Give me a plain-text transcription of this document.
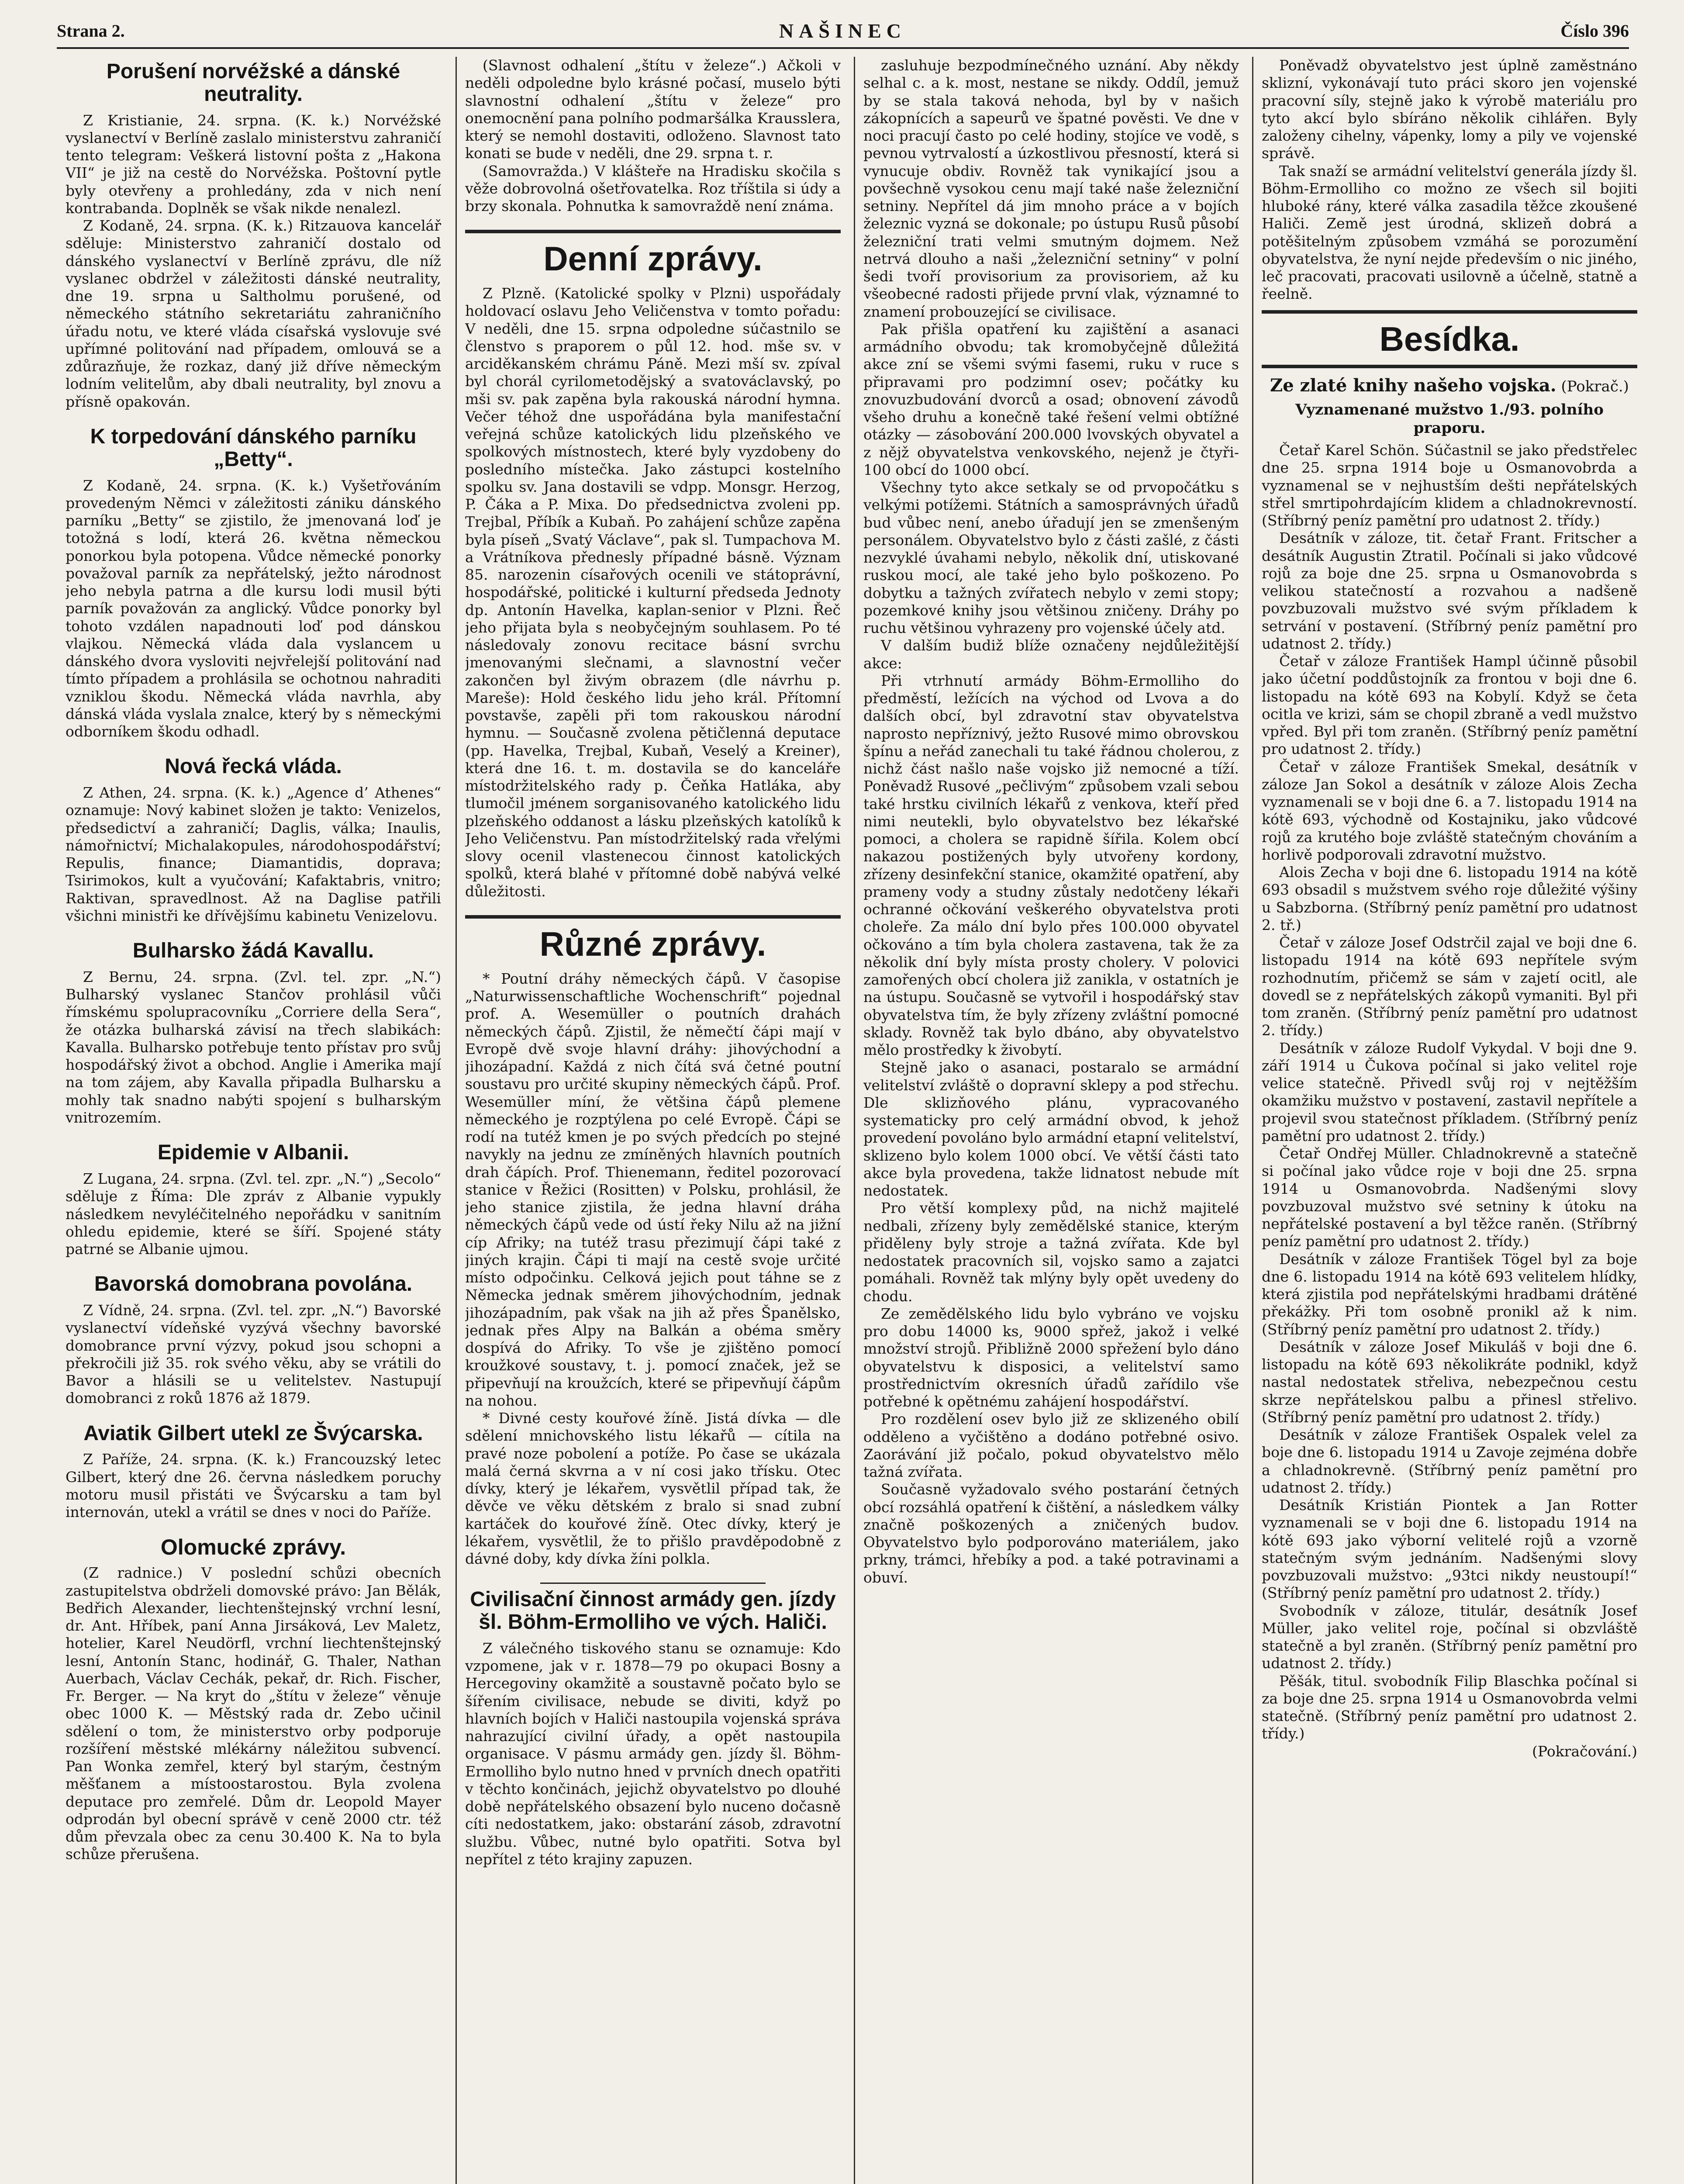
Strana 2.	NAŠINEC	Číslo 396
Porušení norvéžské a dánské neutrality.

Z Kristianie, 24. srpna. (K. k.) Norvéžské vyslanectví v Berlíně zaslalo ministerstvu zahraničí tento telegram: Veškerá listovní pošta z „Hakona VII“ je již na cestě do Norvéžska. Poštovní pytle byly otevřeny a prohledány, zda v nich není kontrabanda. Doplněk se však nikde nenalezl.

Z Kodaně, 24. srpna. (K. k.) Ritzauova kancelář sděluje: Ministerstvo zahraničí dostalo od dánského vyslanectví v Berlíně zprávu, dle níž vyslanec obdržel v záležitosti dánské neutrality, dne 19. srpna u Saltholmu porušené, od německého státního sekretariátu zahraničního úřadu notu, ve které vláda císařská vyslovuje své upřímné politování nad případem, omlouvá se a zdůrazňuje, že rozkaz, daný již dříve německým lodním velitelům, aby dbali neutrality, byl znovu a přísně opakován.

K torpedování dánského parníku „Betty“.

Z Kodaně, 24. srpna. (K. k.) Vyšetřováním provedeným Němci v záležitosti zániku dánského parníku „Betty“ se zjistilo, že jmenovaná loď je totožná s lodí, která 26. května německou ponorkou byla potopena. Vůdce německé ponorky považoval parník za nepřátelský, ježto národnost jeho nebyla patrna a dle kursu lodi musil býti parník považován za anglický. Vůdce ponorky byl tohoto vzdálen napadnouti loď pod dánskou vlajkou. Německá vláda dala vyslancem u dánského dvora vysloviti nejvřelejší politování nad tímto případem a prohlásila se ochotnou nahraditi vzniklou škodu. Německá vláda navrhla, aby dánská vláda vyslala znalce, který by s německými odborníkem škodu odhadl.

Nová řecká vláda.

Z Athen, 24. srpna. (K. k.) „Agence d’ Athenes“ oznamuje: Nový kabinet složen je takto: Venizelos, předsedictví a zahraničí; Daglis, válka; Inaulis, námořnictví; Michalakopules, národohospodářství; Repulis, finance; Diamantidis, doprava; Tsirimokos, kult a vyučování; Kafaktabris, vnitro; Raktivan, spravedlnost. Až na Daglise patřili všichni ministři ke dřívějšímu kabinetu Venizelovu.

Bulharsko žádá Kavallu.

Z Bernu, 24. srpna. (Zvl. tel. zpr. „N.“) Bulharský vyslanec Stančov prohlásil vůči římskému spolupracovníku „Corriere della Sera“, že otázka bulharská závisí na třech slabikách: Kavalla. Bulharsko potřebuje tento přístav pro svůj hospodářský život a obchod. Anglie i Amerika mají na tom zájem, aby Kavalla připadla Bulharsku a mohly tak snadno nabýti spojení s bulharským vnitrozemím.

Epidemie v Albanii.

Z Lugana, 24. srpna. (Zvl. tel. zpr. „N.“) „Secolo“ sděluje z Říma: Dle zpráv z Albanie vypukly následkem nevyléčitelného nepořádku v sanitním ohledu epidemie, které se šíří. Spojené státy patrné se Albanie ujmou.

Bavorská domobrana povolána.

Z Vídně, 24. srpna. (Zvl. tel. zpr. „N.“) Bavorské vyslanectví vídeňské vyzývá všechny bavorské domobrance první výzvy, pokud jsou schopni a překročili již 35. rok svého věku, aby se vrátili do Bavor a hlásili se u velitelstev. Nastupují domobranci z roků 1876 až 1879.

Aviatik Gilbert utekl ze Švýcarska.

Z Paříže, 24. srpna. (K. k.) Francouzský letec Gilbert, který dne 26. června následkem poruchy motoru musil přistáti ve Švýcarsku a tam byl internován, utekl a vrátil se dnes v noci do Paříže.

Olomucké zprávy.

(Z radnice.) V poslední schůzi obecních zastupitelstva obdrželi domovské právo: Jan Bělák, Bedřich Alexander, liechtenštejnský vrchní lesní, dr. Ant. Hříbek, paní Anna Jirsáková, Lev Maletz, hotelier, Karel Neudörfl, vrchní liechtenštejnský lesní, Antonín Stanc, hodinář, G. Thaler, Nathan Auerbach, Václav Cechák, pekař, dr. Rich. Fischer, Fr. Berger. — Na kryt do „štítu v železe“ věnuje obec 1000 K. — Městský rada dr. Zebo učinil sdělení o tom, že ministerstvo orby podporuje rozšíření městské mlékárny náležitou subvencí. Pan Wonka zemřel, který byl starým, čestným měšťanem a místoostarostou. Byla zvolena deputace pro zemřelé. Dům dr. Leopold Mayer odprodán byl obecní správě v ceně 2000 ctr. též dům převzala obec za cenu 30.400 K. Na to byla schůze přerušena.

(Slavnost odhalení „štítu v železe“.) Ačkoli v neděli odpoledne bylo krásné počasí, muselo býti slavnostní odhalení „štítu v železe“ pro onemocnění pana polního podmaršálka Krausslera, který se nemohl dostaviti, odloženo. Slavnost tato konati se bude v neděli, dne 29. srpna t. r.

(Samovražda.) V klášteře na Hradisku skočila s věže dobrovolná ošetřovatelka. Roz tříštila si údy a brzy skonala. Pohnutka k samovraždě není známa.

Denní zprávy.

Z Plzně. (Katolické spolky v Plzni) uspořádaly holdovací oslavu Jeho Veličenstva v tomto pořadu: V neděli, dne 15. srpna odpoledne súčastnilo se členstvo s praporem o půl 12. hod. mše sv. v arciděkanském chrámu Páně. Mezi mší sv. zpíval byl chorál cyrilometodějský a svatováclavský, po mši sv. pak zapěna byla rakouská národní hymna. Večer téhož dne uspořádána byla manifestační veřejná schůze katolických lidu plzeňského ve spolkových místnostech, které byly vyzdobeny do posledního místečka. Jako zástupci kostelního spolku sv. Jana dostavili se vdpp. Monsgr. Herzog, P. Čáka a P. Mixa. Do předsednictva zvoleni pp. Trejbal, Příbík a Kubaň. Po zahájení schůze zapěna byla píseň „Svatý Václave“, pak sl. Tumpachova M. a Vrátníkova přednesly případné básně. Význam 85. narozenin císařových ocenili ve státoprávní, hospodářské, politické i kulturní předseda Jednoty dp. Antonín Havelka, kaplan-senior v Plzni. Řeč jeho přijata byla s neobyčejným souhlasem. Po té následovaly zonovu recitace básní svrchu jmenovanými slečnami, a slavnostní večer zakončen byl živým obrazem (dle návrhu p. Mareše): Hold českého lidu jeho král. Přítomní povstavše, zapěli při tom rakouskou národní hymnu. — Současně zvolena pětičlenná deputace (pp. Havelka, Trejbal, Kubaň, Veselý a Kreiner), která dne 16. t. m. dostavila se do kanceláře místodržitelského rady p. Čeňka Hatláka, aby tlumočil jménem sorganisovaného katolického lidu plzeňského oddanost a lásku plzeňských katolíků k Jeho Veličenstvu. Pan místodržitelský rada vřelými slovy ocenil vlastenecou činnost katolických spolků, která blahé v přítomné době nabývá velké důležitosti.

Různé zprávy.

* Poutní dráhy německých čápů. V časopise „Naturwissenschaftliche Wochenschrift“ pojednal prof. A. Wesemüller o poutních drahách německých čápů. Zjistil, že němečtí čápi mají v Evropě dvě svoje hlavní dráhy: jihovýchodní a jihozápadní. Každá z nich čítá svá četné poutní soustavu pro určité skupiny německých čápů. Prof. Wesemüller míní, že většina čápů plemene německého je rozptýlena po celé Evropě. Čápi se rodí na tutéž kmen je po svých předcích po stejné navykly na jednu ze zmíněných hlavních poutních drah čápích. Prof. Thienemann, ředitel pozorovací stanice v Řežici (Rositten) v Polsku, prohlásil, že jeho stanice zjistila, že jedna hlavní dráha německých čápů vede od ústí řeky Nilu až na jižní cíp Afriky; na tutéž trasu přezimují čápi také z jiných krajin. Čápi ti mají na cestě svoje určité místo odpočinku. Celková jejich pout táhne se z Německa jednak směrem jihovýchodním, jednak jihozápadním, pak však na jih až přes Španělsko, jednak přes Alpy na Balkán a obéma směry dospívá do Afriky. To vše je zjištěno pomocí kroužkové soustavy, t. j. pomocí značek, jež se připevňují na kroužcích, které se připevňují čápům na nohou.

* Divné cesty kouřové žíně. Jistá dívka — dle sdělení mnichovského listu lékařů — cítila na pravé noze pobolení a potíže. Po čase se ukázala malá černá skvrna a v ní cosi jako třísku. Otec dívky, který je lékařem, vysvětlil případ tak, že děvče ve věku dětském z bralo si snad zubní kartáček do kouřové žíně. Otec dívky, který je lékařem, vysvětlil, že to přišlo pravděpodobně z dávné doby, kdy dívka žíni polkla.

Civilisační činnost armády gen. jízdy šl. Böhm-Ermolliho ve vých. Haliči.

Z válečného tiskového stanu se oznamuje: Kdo vzpomene, jak v r. 1878—79 po okupaci Bosny a Hercegoviny okamžitě a soustavně počato bylo se šířením civilisace, nebude se diviti, když po hlavních bojích v Haliči nastoupila vojenská správa nahrazující civilní úřady, a opět nastoupila organisace. V pásmu armády gen. jízdy šl. Böhm-Ermolliho bylo nutno hned v prvních dnech opatřiti v těchto končinách, jejichž obyvatelstvo po dlouhé době nepřátelského obsazení bylo nuceno dočasně cíti nedostatkem, jako: obstarání zásob, zdravotní službu. Vůbec, nutné bylo opatřiti. Sotva byl nepřítel z této krajiny zapuzen.

zasluhuje bezpodmínečného uznání. Aby někdy selhal c. a k. most, nestane se nikdy. Oddíl, jemuž by se stala taková nehoda, byl by v našich zákopnících a sapeurů ve špatné pověsti. Ve dne v noci pracují často po celé hodiny, stojíce ve vodě, s pevnou vytrvalostí a úzkostlivou přesností, která si vynucuje obdiv. Rovněž tak vynikající jsou a povšechně vysokou cenu mají také naše železniční setniny. Nepřítel dá jim mnoho práce a v bojích železnic vyzná se dokonale; po ústupu Rusů působí železniční trati velmi smutným dojmem. Než netrvá dlouho a naši „železniční setniny“ v polní šedi tvoří provisorium za provisoriem, až ku všeobecné radosti přijede první vlak, významné to znamení probouzející se civilisace.

Pak přišla opatření ku zajištění a asanaci armádního obvodu; tak kromobyčejně důležitá akce zní se všemi svými fasemi, ruku v ruce s připravami pro podzimní osev; počátky ku znovuzbudování dvorců a osad; obnovení závodů všeho druhu a konečně také řešení velmi obtížné otázky — zásobování 200.000 lvovských obyvatel a z nějž obyvatelstva venkovského, nejenž je čtyři-100 obcí do 1000 obcí.

Všechny tyto akce setkaly se od prvopočátku s velkými potížemi. Státních a samosprávných úřadů bud vůbec není, anebo úřadují jen se zmenšeným personálem. Obyvatelstvo bylo z části zašlé, z části nezvyklé úvahami nebylo, několik dní, utiskované ruskou mocí, ale také jeho bylo poškozeno. Po dobytku a tažných zvířatech nebylo v zemi stopy; pozemkové knihy jsou většinou zničeny. Dráhy po ruchu většinou vyhrazeny pro vojenské účely atd.

V dalším budiž blíže označeny nejdůležitější akce:

Při vtrhnutí armády Böhm-Ermolliho do předměstí, ležících na východ od Lvova a do dalších obcí, byl zdravotní stav obyvatelstva naprosto nepříznivý, ježto Rusové mimo obrovskou špínu a neřád zanechali tu také řádnou cholerou, z nichž část našlo naše vojsko již nemocné a tíží. Poněvadž Rusové „pečlivým“ způsobem vzali sebou také hrstku civilních lékařů z venkova, kteří před nimi neutekli, bylo obyvatelstvo bez lékařské pomoci, a cholera se rapidně šířila. Kolem obcí nakazou postižených byly utvořeny kordony, zřízeny desinfekční stanice, okamžité opatření, aby prameny vody a studny zůstaly nedotčeny lékaři ochranné očkování veškerého obyvatelstva proti choleře. Za málo dní bylo přes 100.000 obyvatel očkováno a tím byla cholera zastavena, tak že za několik dní byly místa prosty cholery. V polovici zamořených obcí cholera již zanikla, v ostatních je na ústupu. Současně se vytvořil i hospodářský stav obyvatelstva tím, že byly zřízeny zvláštní pomocné sklady. Rovněž tak bylo dbáno, aby obyvatelstvo mělo prostředky k živobytí.

Stejně jako o asanaci, postaralo se armádní velitelství zvláště o dopravní sklepy a pod střechu. Dle sklizňového plánu, vypracovaného systematicky pro celý armádní obvod, k jehož provedení povoláno bylo armádní etapní velitelství, sklizeno bylo kolem 1000 obcí. Ve větší části tato akce byla provedena, takže lidnatost nebude mít nedostatek.

Pro větší komplexy půd, na nichž majitelé nedbali, zřízeny byly zemědělské stanice, kterým přiděleny byly stroje a tažná zvířata. Kde byl nedostatek pracovních sil, vojsko samo a zajatci pomáhali. Rovněž tak mlýny byly opět uvedeny do chodu.

Ze zemědělského lidu bylo vybráno ve vojsku pro dobu 14000 ks, 9000 spřež, jakož i velké množství strojů. Přibližně 2000 spřežení bylo dáno obyvatelstvu k disposici, a velitelství samo prostřednictvím okresních úřadů zařídilo vše potřebné k opětnému zahájení hospodářství.

Pro rozdělení osev bylo již ze sklizeného obilí odděleno a vyčištěno a dodáno potřebné osivo. Zaorávání již počalo, pokud obyvatelstvo mělo tažná zvířata.

Současně vyžadovalo svého postarání četných obcí rozsáhlá opatření k čištění, a následkem války značně poškozených a zničených budov. Obyvatelstvo bylo podporováno materiálem, jako prkny, trámci, hřebíky a pod. a také potravinami a obuví.

Poněvadž obyvatelstvo jest úplně zaměstnáno sklizní, vykonávají tuto práci skoro jen vojenské pracovní síly, stejně jako k výrobě materiálu pro tyto akcí bylo sbíráno několik cihlářen. Byly založeny cihelny, vápenky, lomy a pily ve vojenské správě.

Tak snaží se armádní velitelství generála jízdy šl. Böhm-Ermolliho co možno ze všech sil bojiti hluboké rány, které válka zasadila těžce zkoušené Haliči. Země jest úrodná, sklizeň dobrá a potěšitelným způsobem vzmáhá se porozumění obyvatelstva, že nyní nejde především o nic jiného, leč pracovati, pracovati usilovně a účelně, statně a řeelně.

Besídka.
Ze zlaté knihy našeho vojska. (Pokrač.)
Vyznamenané mužstvo 1./93. polního praporu.

Četař Karel Schön. Súčastnil se jako předstřelec dne 25. srpna 1914 boje u Osmanovobrda a vyznamenal se v nejhustším dešti nepřátelských střel smrtipohrdajícím klidem a chladnokrevností. (Stříbrný peníz pamětní pro udatnost 2. třídy.)

Desátník v záloze, tit. četař Frant. Fritscher a desátník Augustin Ztratil. Počínali si jako vůdcové rojů za boje dne 25. srpna u Osmanovobrda s velikou statečností a rozvahou a nadšeně povzbuzovali mužstvo své svým příkladem k setrvání v postavení. (Stříbrný peníz pamětní pro udatnost 2. třídy.)

Četař v záloze František Hampl účinně působil jako účetní poddůstojník za frontou v boji dne 6. listopadu na kótě 693 na Kobylí. Když se četa ocitla ve krizi, sám se chopil zbraně a vedl mužstvo vpřed. Byl při tom zraněn. (Stříbrný peníz pamětní pro udatnost 2. třídy.)

Četař v záloze František Smekal, desátník v záloze Jan Sokol a desátník v záloze Alois Zecha vyznamenali se v boji dne 6. a 7. listopadu 1914 na kótě 693, východně od Kostajniku, jako vůdcové rojů za krutého boje zvláště statečným chováním a horlivě podporovali zdravotní mužstvo.

Alois Zecha v boji dne 6. listopadu 1914 na kótě 693 obsadil s mužstvem svého roje důležité výšiny u Sabzborna. (Stříbrný peníz pamětní pro udatnost 2. tř.)

Četař v záloze Josef Odstrčil zajal ve boji dne 6. listopadu 1914 na kótě 693 nepřítele svým rozhodnutím, přičemž se sám v zajetí ocitl, ale dovedl se z nepřátelských zákopů vymaniti. Byl při tom zraněn. (Stříbrný peníz pamětní pro udatnost 2. třídy.)

Desátník v záloze Rudolf Vykydal. V boji dne 9. září 1914 u Čukova počínal si jako velitel roje velice statečně. Přivedl svůj roj v nejtěžším okamžiku mužstvo v postavení, zastavil nepřítele a projevil svou statečnost příkladem. (Stříbrný peníz pamětní pro udatnost 2. třídy.)

Četař Ondřej Müller. Chladnokrevně a statečně si počínal jako vůdce roje v boji dne 25. srpna 1914 u Osmanovobrda. Nadšenými slovy povzbuzoval mužstvo své setniny k útoku na nepřátelské postavení a byl těžce raněn. (Stříbrný peníz pamětní pro udatnost 2. třídy.)

Desátník v záloze František Tögel byl za boje dne 6. listopadu 1914 na kótě 693 velitelem hlídky, která zjistila pod nepřátelskými hradbami drátěné překážky. Při tom osobně pronikl až k nim. (Stříbrný peníz pamětní pro udatnost 2. třídy.)

Desátník v záloze Josef Mikuláš v boji dne 6. listopadu na kótě 693 několikráte podnikl, když nastal nedostatek střeliva, nebezpečnou cestu skrze nepřátelskou palbu a přinesl střelivo. (Stříbrný peníz pamětní pro udatnost 2. třídy.)

Desátník v záloze František Ospalek velel za boje dne 6. listopadu 1914 u Zavoje zejména dobře a chladnokrevně. (Stříbrný peníz pamětní pro udatnost 2. třídy.)

Desátník Kristián Piontek a Jan Rotter vyznamenali se v boji dne 6. listopadu 1914 na kótě 693 jako výborní velitelé rojů a vzorně statečným svým jednáním. Nadšenými slovy povzbuzovali mužstvo: „93tci nikdy neustoupí!“ (Stříbrný peníz pamětní pro udatnost 2. třídy.)

Svobodník v záloze, titulár, desátník Josef Müller, jako velitel roje, počínal si obzvláště statečně a byl zraněn. (Stříbrný peníz pamětní pro udatnost 2. třídy.)

Pěšák, titul. svobodník Filip Blaschka počínal si za boje dne 25. srpna 1914 u Osmanovobrda velmi statečně. (Stříbrný peníz pamětní pro udatnost 2. třídy.)

(Pokračování.)
